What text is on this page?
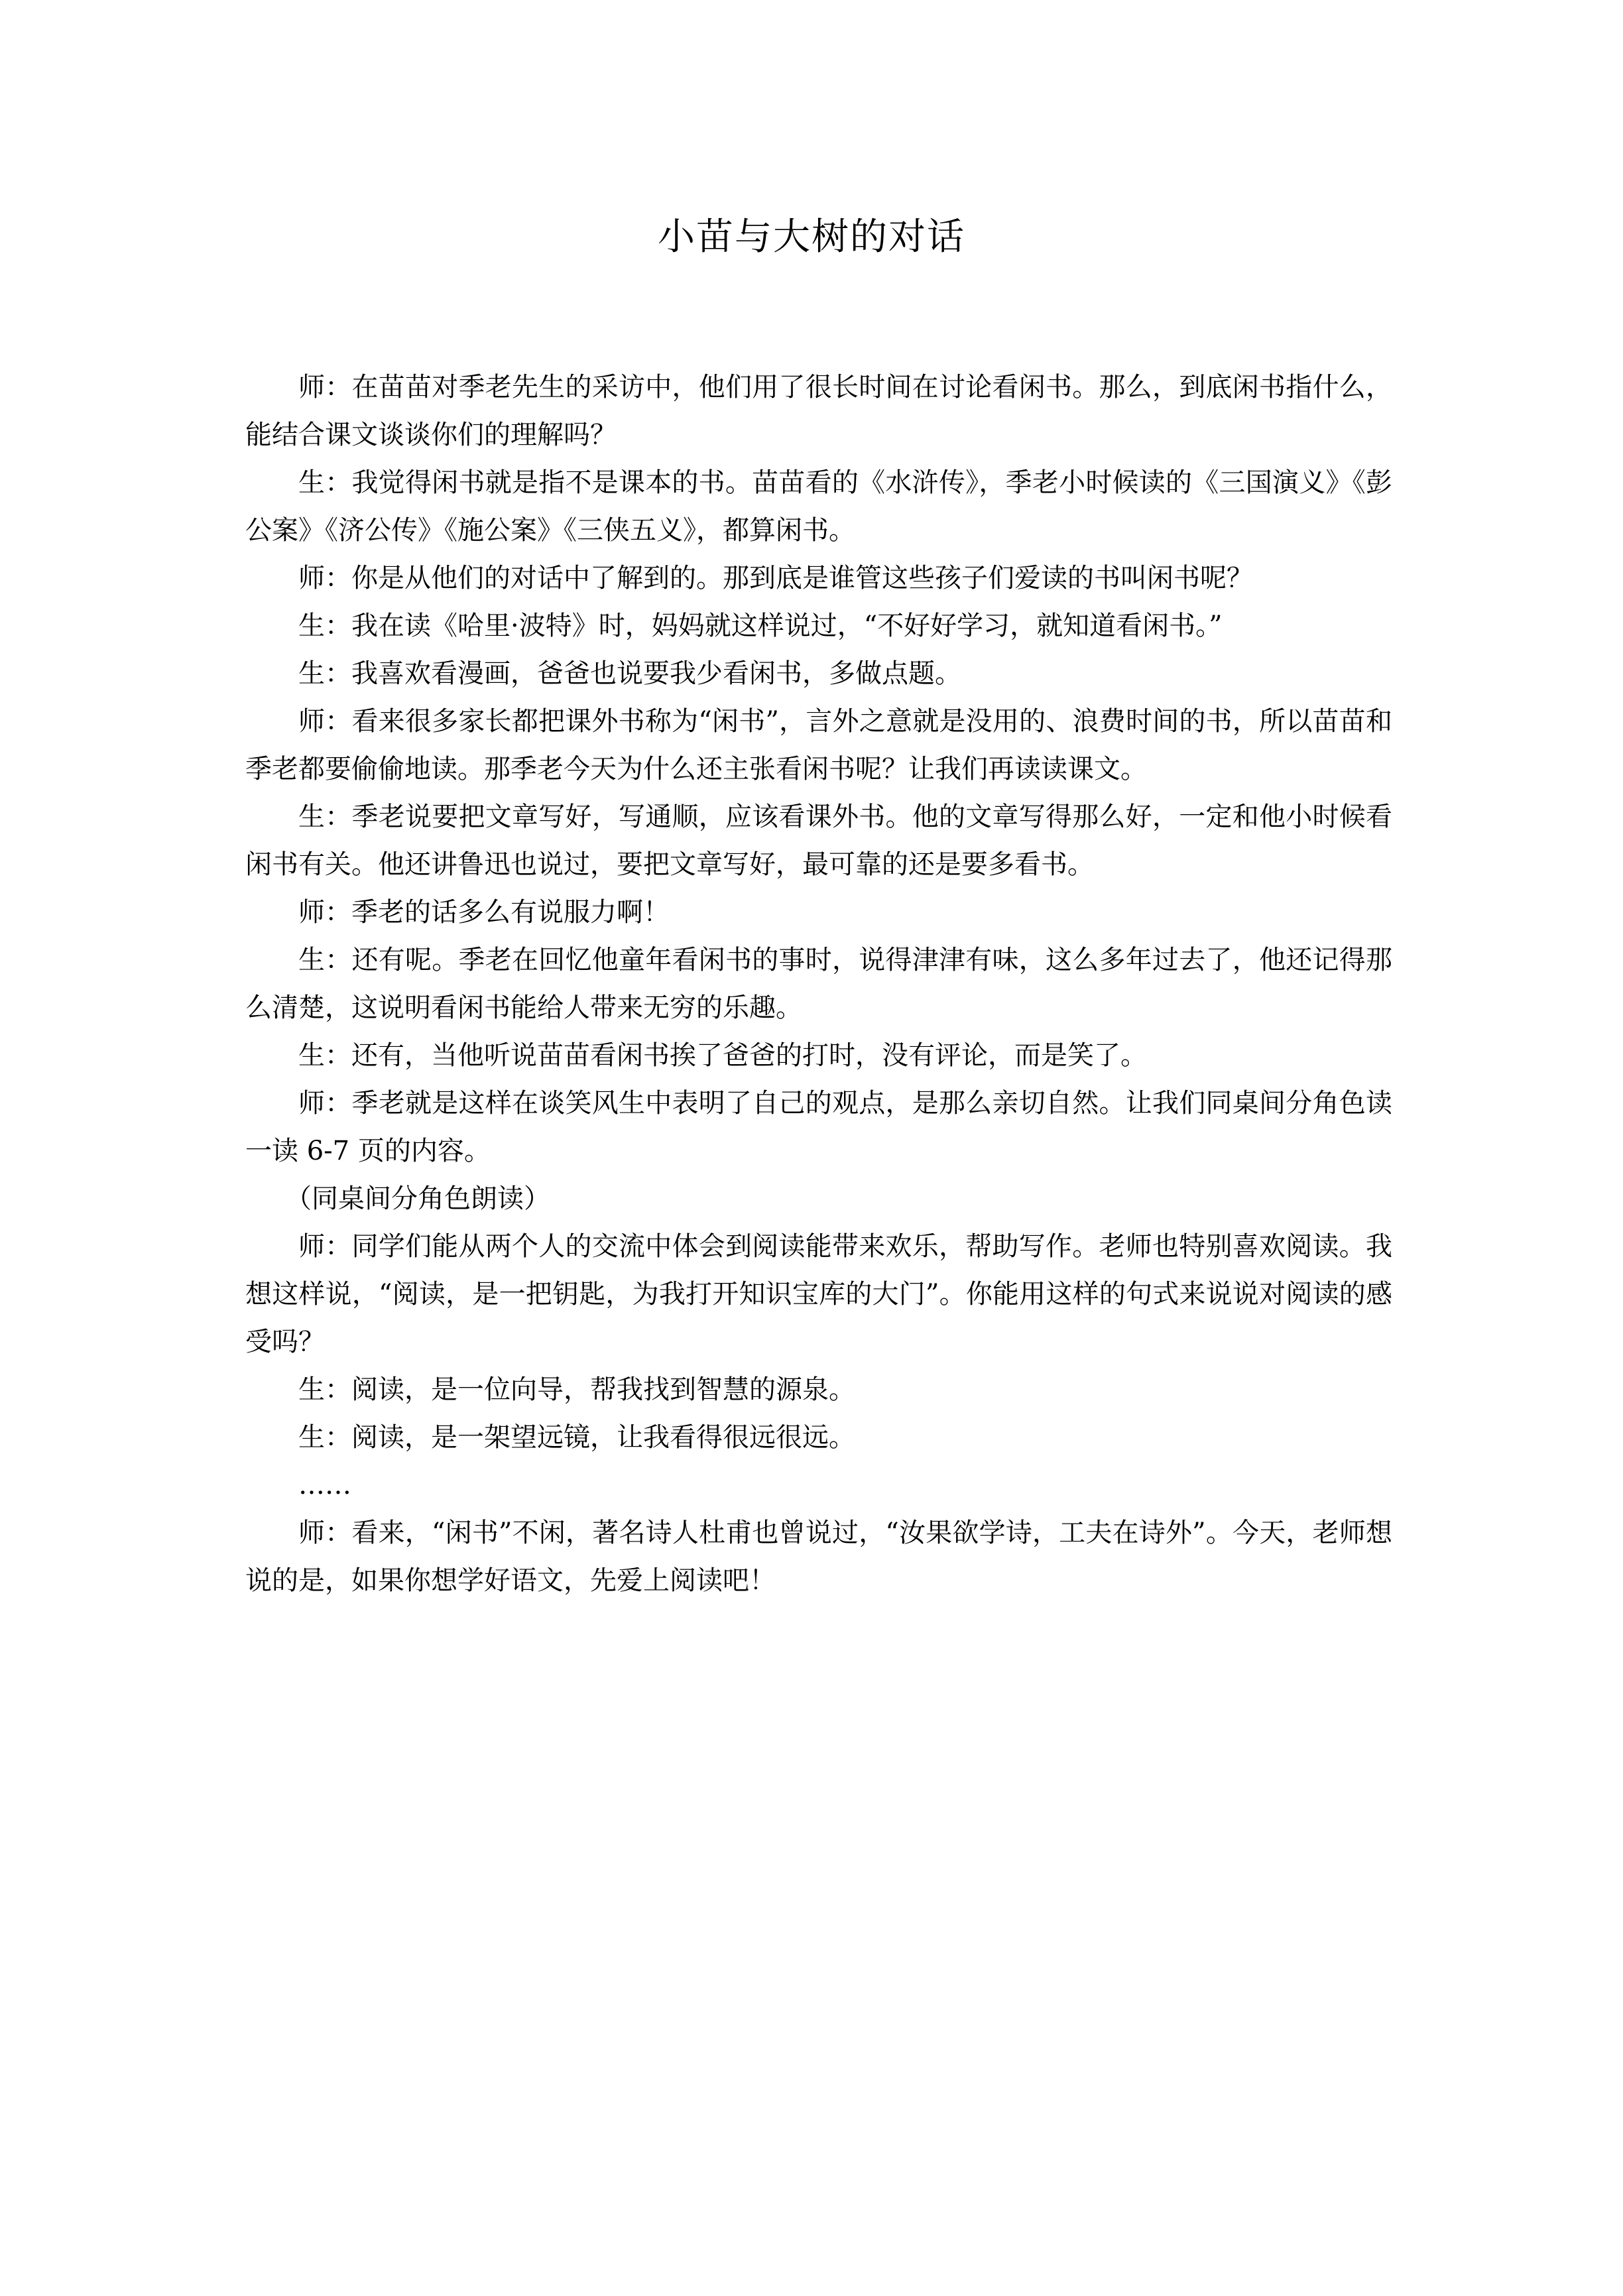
小苗与大树的对话

师：在苗苗对季老先生的采访中，他们用了很长时间在讨论看闲书。那么，到底闲书指什么，能结合课文谈谈你们的理解吗？

生：我觉得闲书就是指不是课本的书。苗苗看的《水浒传》，季老小时候读的《三国演义》《彭公案》《济公传》《施公案》《三侠五义》，都算闲书。

师：你是从他们的对话中了解到的。那到底是谁管这些孩子们爱读的书叫闲书呢？

生：我在读《哈里·波特》时，妈妈就这样说过，“不好好学习，就知道看闲书。”

生：我喜欢看漫画，爸爸也说要我少看闲书，多做点题。

师：看来很多家长都把课外书称为“闲书”，言外之意就是没用的、浪费时间的书，所以苗苗和季老都要偷偷地读。那季老今天为什么还主张看闲书呢？让我们再读读课文。

生：季老说要把文章写好，写通顺，应该看课外书。他的文章写得那么好，一定和他小时候看闲书有关。他还讲鲁迅也说过，要把文章写好，最可靠的还是要多看书。

师：季老的话多么有说服力啊！

生：还有呢。季老在回忆他童年看闲书的事时，说得津津有味，这么多年过去了，他还记得那么清楚，这说明看闲书能给人带来无穷的乐趣。

生：还有，当他听说苗苗看闲书挨了爸爸的打时，没有评论，而是笑了。

师：季老就是这样在谈笑风生中表明了自己的观点，是那么亲切自然。让我们同桌间分角色读一读 6-7 页的内容。

（同桌间分角色朗读）

师：同学们能从两个人的交流中体会到阅读能带来欢乐，帮助写作。老师也特别喜欢阅读。我想这样说，“阅读，是一把钥匙，为我打开知识宝库的大门”。你能用这样的句式来说说对阅读的感受吗？

生：阅读，是一位向导，帮我找到智慧的源泉。

生：阅读，是一架望远镜，让我看得很远很远。

……

师：看来，“闲书”不闲，著名诗人杜甫也曾说过，“汝果欲学诗，工夫在诗外”。今天，老师想说的是，如果你想学好语文，先爱上阅读吧！
